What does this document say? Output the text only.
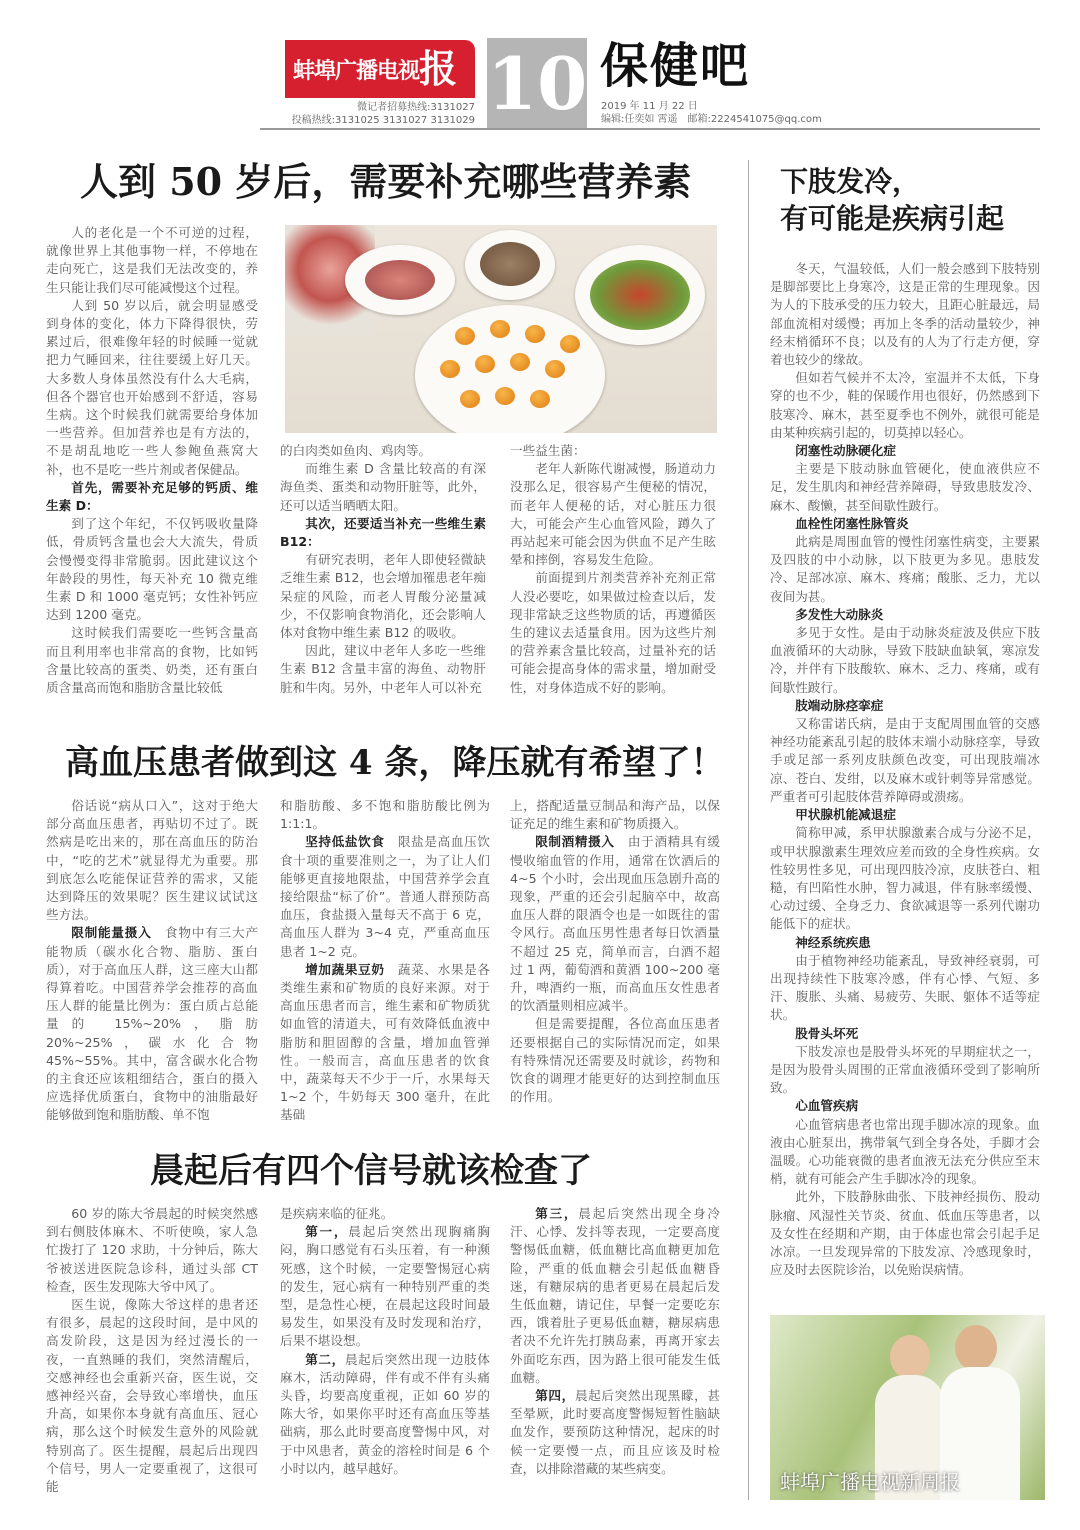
蚌埠广播电视报
微记者招募热线:3131027
投稿热线:3131025 3131027 3131029 10 保健吧
2019 年 11 月 22 日
编辑:任奕如 霄遥　邮箱:2224541075@qq.com
人到 50 岁后，需要补充哪些营养素

人的老化是一个不可逆的过程，就像世界上其他事物一样，不停地在走向死亡，这是我们无法改变的，养生只能让我们尽可能减慢这个过程。

人到 50 岁以后，就会明显感受到身体的变化，体力下降得很快，劳累过后，很难像年轻的时候睡一觉就把力气睡回来，往往要缓上好几天。大多数人身体虽然没有什么大毛病，但各个器官也开始感到不舒适，容易生病。这个时候我们就需要给身体加一些营养。但加营养也是有方法的，不是胡乱地吃一些人参鲍鱼燕窝大补，也不是吃一些片剂或者保健品。

首先，需要补充足够的钙质、维生素 D：

到了这个年纪，不仅钙吸收量降低，骨质钙含量也会大大流失，骨质会慢慢变得非常脆弱。因此建议这个年龄段的男性，每天补充 10 微克维生素 D 和 1000 毫克钙；女性补钙应达到 1200 毫克。

这时候我们需要吃一些钙含量高而且利用率也非常高的食物，比如钙含量比较高的蛋类、奶类，还有蛋白质含量高而饱和脂肪含量比较低

的白肉类如鱼肉、鸡肉等。

而维生素 D 含量比较高的有深海鱼类、蛋类和动物肝脏等，此外，还可以适当晒晒太阳。

其次，还要适当补充一些维生素 B12：

有研究表明，老年人即使轻微缺乏维生素 B12，也会增加罹患老年痴呆症的风险，而老人胃酸分泌量减少，不仅影响食物消化，还会影响人体对食物中维生素 B12 的吸收。

因此，建议中老年人多吃一些维生素 B12 含量丰富的海鱼、动物肝脏和牛肉。另外，中老年人可以补充

一些益生菌：

老年人新陈代谢减慢，肠道动力没那么足，很容易产生便秘的情况，而老年人便秘的话，对心脏压力很大，可能会产生心血管风险，蹲久了再站起来可能会因为供血不足产生眩晕和摔倒，容易发生危险。

前面提到片剂类营养补充剂正常人没必要吃，如果做过检查以后，发现非常缺乏这些物质的话，再遵循医生的建议去适量食用。因为这些片剂的营养素含量比较高，过量补充的话可能会提高身体的需求量，增加耐受性，对身体造成不好的影响。

高血压患者做到这 4 条，降压就有希望了！

俗话说“病从口入”，这对于绝大部分高血压患者，再贴切不过了。既然病是吃出来的，那在高血压的防治中，“吃的艺术”就显得尤为重要。那到底怎么吃能保证营养的需求，又能达到降压的效果呢？医生建议试试这些方法。

限制能量摄入　食物中有三大产能物质（碳水化合物、脂肪、蛋白质），对于高血压人群，这三座大山都得算着吃。中国营养学会推荐的高血压人群的能量比例为：蛋白质占总能量的 15%~20%，脂肪 20%~25%，碳水化合物 45%~55%。其中，富含碳水化合物的主食还应该粗细结合，蛋白的摄入应选择优质蛋白，食物中的油脂最好能够做到饱和脂肪酸、单不饱

和脂肪酸、多不饱和脂肪酸比例为 1:1:1。

坚持低盐饮食　限盐是高血压饮食十项的重要准则之一，为了让人们能够更直接地限盐，中国营养学会直接给限盐“标了价”。普通人群预防高血压，食盐摄入量每天不高于 6 克，高血压人群为 3~4 克，严重高血压患者 1~2 克。

增加蔬果豆奶　蔬菜、水果是各类维生素和矿物质的良好来源。对于高血压患者而言，维生素和矿物质犹如血管的清道夫，可有效降低血液中脂肪和胆固醇的含量，增加血管弹性。一般而言，高血压患者的饮食中，蔬菜每天不少于一斤，水果每天 1~2 个，牛奶每天 300 毫升，在此基础

上，搭配适量豆制品和海产品，以保证充足的维生素和矿物质摄入。

限制酒精摄入　由于酒精具有缓慢收缩血管的作用，通常在饮酒后的 4~5 个小时，会出现血压急剧升高的现象，严重的还会引起脑卒中，故高血压人群的限酒令也是一如既往的雷令风行。高血压男性患者每日饮酒量不超过 25 克，简单而言，白酒不超过 1 两，葡萄酒和黄酒 100~200 毫升，啤酒约一瓶，而高血压女性患者的饮酒量则相应减半。

但是需要提醒，各位高血压患者还要根据自己的实际情况而定，如果有特殊情况还需要及时就诊，药物和饮食的调理才能更好的达到控制血压的作用。

晨起后有四个信号就该检查了

60 岁的陈大爷晨起的时候突然感到右侧肢体麻木、不听使唤，家人急忙拨打了 120 求助，十分钟后，陈大爷被送进医院急诊科，通过头部 CT 检查，医生发现陈大爷中风了。

医生说，像陈大爷这样的患者还有很多，晨起的这段时间，是中风的高发阶段，这是因为经过漫长的一夜，一直熟睡的我们，突然清醒后，交感神经也会重新兴奋，医生说，交感神经兴奋，会导致心率增快，血压升高，如果你本身就有高血压、冠心病，那么这个时候发生意外的风险就特别高了。医生提醒，晨起后出现四个信号，男人一定要重视了，这很可能

是疾病来临的征兆。

第一，晨起后突然出现胸痛胸闷，胸口感觉有石头压着，有一种濒死感，这个时候，一定要警惕冠心病的发生，冠心病有一种特别严重的类型，是急性心梗，在晨起这段时间最易发生，如果没有及时发现和治疗，后果不堪设想。

第二，晨起后突然出现一边肢体麻木，活动障碍，伴有或不伴有头痛头昏，均要高度重视，正如 60 岁的陈大爷，如果你平时还有高血压等基础病，那么此时要高度警惕中风，对于中风患者，黄金的溶栓时间是 6 个小时以内，越早越好。

第三，晨起后突然出现全身冷汗、心悸、发抖等表现，一定要高度警惕低血糖，低血糖比高血糖更加危险，严重的低血糖会引起低血糖昏迷，有糖尿病的患者更易在晨起后发生低血糖，请记住，早餐一定要吃东西，饿着肚子更易低血糖，糖尿病患者决不允许先打胰岛素，再离开家去外面吃东西，因为路上很可能发生低血糖。

第四，晨起后突然出现黑矇，甚至晕厥，此时要高度警惕短暂性脑缺血发作，要预防这种情况，起床的时候一定要慢一点，而且应该及时检查，以排除潜藏的某些病变。

下肢发冷，
有可能是疾病引起

冬天，气温较低，人们一般会感到下肢特别是脚部要比上身寒冷，这是正常的生理现象。因为人的下肢承受的压力较大，且距心脏最远，局部血流相对缓慢；再加上冬季的活动量较少，神经末梢循环不良；以及有的人为了行走方便，穿着也较少的缘故。

但如若气候并不太冷，室温并不太低，下身穿的也不少，鞋的保暖作用也很好，仍然感到下肢寒冷、麻木，甚至夏季也不例外，就很可能是由某种疾病引起的，切莫掉以轻心。

闭塞性动脉硬化症

主要是下肢动脉血管硬化，使血液供应不足，发生肌肉和神经营养障碍，导致患肢发冷、麻木、酸懒，甚至间歇性跛行。

血栓性闭塞性脉管炎

此病是周围血管的慢性闭塞性病变，主要累及四肢的中小动脉，以下肢更为多见。患肢发冷、足部冰凉、麻木、疼痛；酸胀、乏力，尤以夜间为甚。

多发性大动脉炎

多见于女性。是由于动脉炎症波及供应下肢血液循环的大动脉，导致下肢缺血缺氧，寒凉发冷，并伴有下肢酸软、麻木、乏力、疼痛，或有间歇性跛行。

肢端动脉痉挛症

又称雷诺氏病，是由于支配周围血管的交感神经功能紊乱引起的肢体末端小动脉痉挛，导致手或足部一系列皮肤颜色改变，可出现肢端冰凉、苍白、发绀，以及麻木或针刺等异常感觉。严重者可引起肢体营养障碍或溃疡。

甲状腺机能减退症

简称甲减，系甲状腺激素合成与分泌不足，或甲状腺激素生理效应差而致的全身性疾病。女性较男性多见，可出现四肢冷凉，皮肤苍白、粗糙，有凹陷性水肿，智力减退，伴有脉率缓慢、心动过缓、全身乏力、食欲减退等一系列代谢功能低下的症状。

神经系统疾患

由于植物神经功能紊乱，导致神经衰弱，可出现持续性下肢寒冷感，伴有心悸、气短、多汗、腹胀、头痛、易疲劳、失眠、躯体不适等症状。

股骨头坏死

下肢发凉也是股骨头坏死的早期症状之一，是因为股骨头周围的正常血液循环受到了影响所致。

心血管疾病

心血管病患者也常出现手脚冰凉的现象。血液由心脏泵出，携带氧气到全身各处，手脚才会温暖。心功能衰微的患者血液无法充分供应至末梢，就有可能会产生手脚冰冷的现象。

此外，下肢静脉曲张、下肢神经损伤、股动脉瘤、风湿性关节炎、贫血、低血压等患者，以及女性在经期和产期，由于体虚也常会引起手足冰凉。一旦发现异常的下肢发凉、冷感现象时，应及时去医院诊治，以免贻误病情。

蚌埠广播电视新周报
